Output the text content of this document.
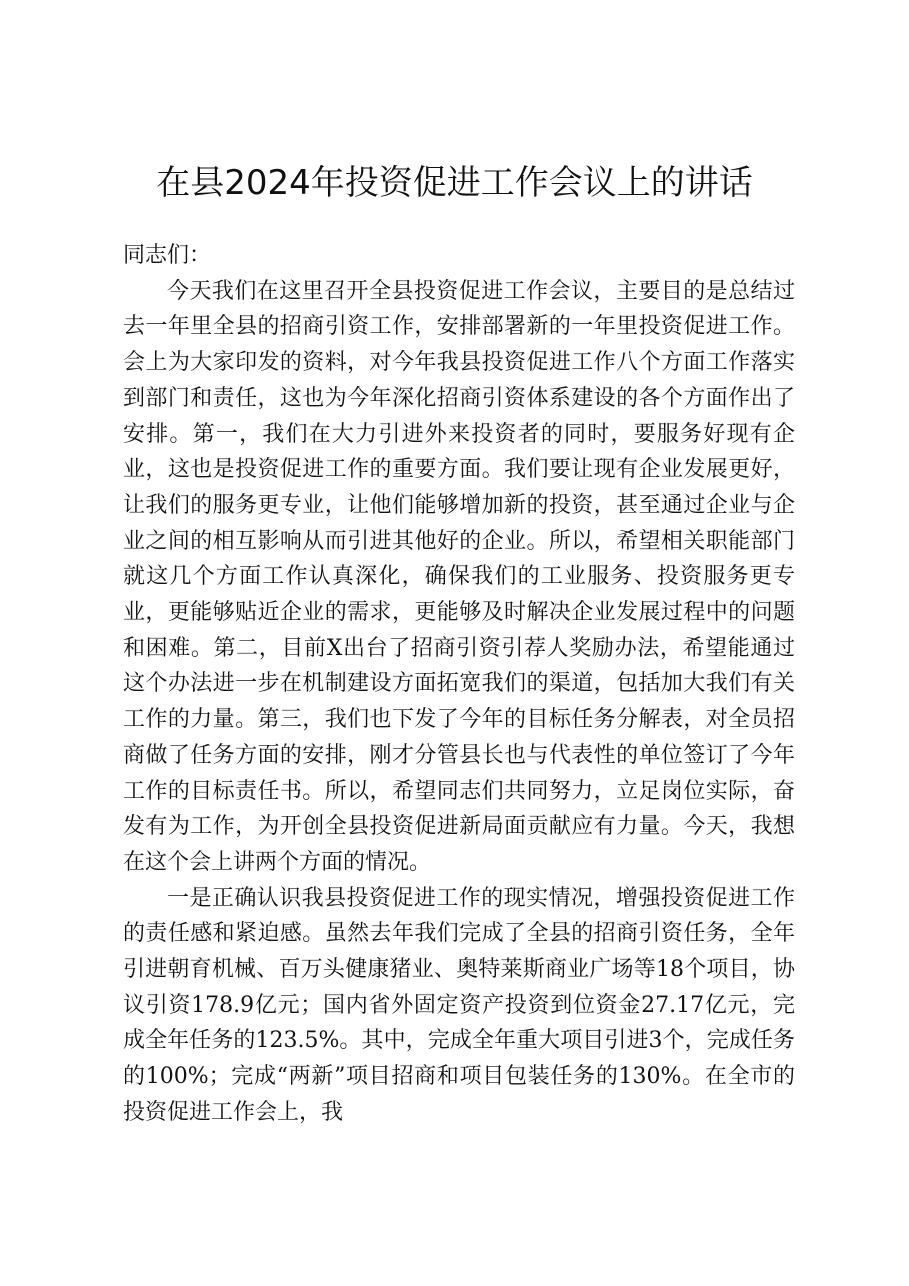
在县2024年投资促进工作会议上的讲话

同志们：

今天我们在这里召开全县投资促进工作会议，主要目的是总结过去一年里全县的招商引资工作，安排部署新的一年里投资促进工作。会上为大家印发的资料，对今年我县投资促进工作八个方面工作落实到部门和责任，这也为今年深化招商引资体系建设的各个方面作出了安排。第一，我们在大力引进外来投资者的同时，要服务好现有企业，这也是投资促进工作的重要方面。我们要让现有企业发展更好，让我们的服务更专业，让他们能够增加新的投资，甚至通过企业与企业之间的相互影响从而引进其他好的企业。所以，希望相关职能部门就这几个方面工作认真深化，确保我们的工业服务、投资服务更专业，更能够贴近企业的需求，更能够及时解决企业发展过程中的问题和困难。第二，目前X出台了招商引资引荐人奖励办法，希望能通过这个办法进一步在机制建设方面拓宽我们的渠道，包括加大我们有关工作的力量。第三，我们也下发了今年的目标任务分解表，对全员招商做了任务方面的安排，刚才分管县长也与代表性的单位签订了今年工作的目标责任书。所以，希望同志们共同努力，立足岗位实际，奋发有为工作，为开创全县投资促进新局面贡献应有力量。今天，我想在这个会上讲两个方面的情况。

一是正确认识我县投资促进工作的现实情况，增强投资促进工作的责任感和紧迫感。虽然去年我们完成了全县的招商引资任务，全年引进朝育机械、百万头健康猪业、奥特莱斯商业广场等18个项目，协议引资178.9亿元；国内省外固定资产投资到位资金27.17亿元，完成全年任务的123.5%。其中，完成全年重大项目引进3个，完成任务的100%；完成“两新”项目招商和项目包装任务的130%。在全市的投资促进工作会上，我
